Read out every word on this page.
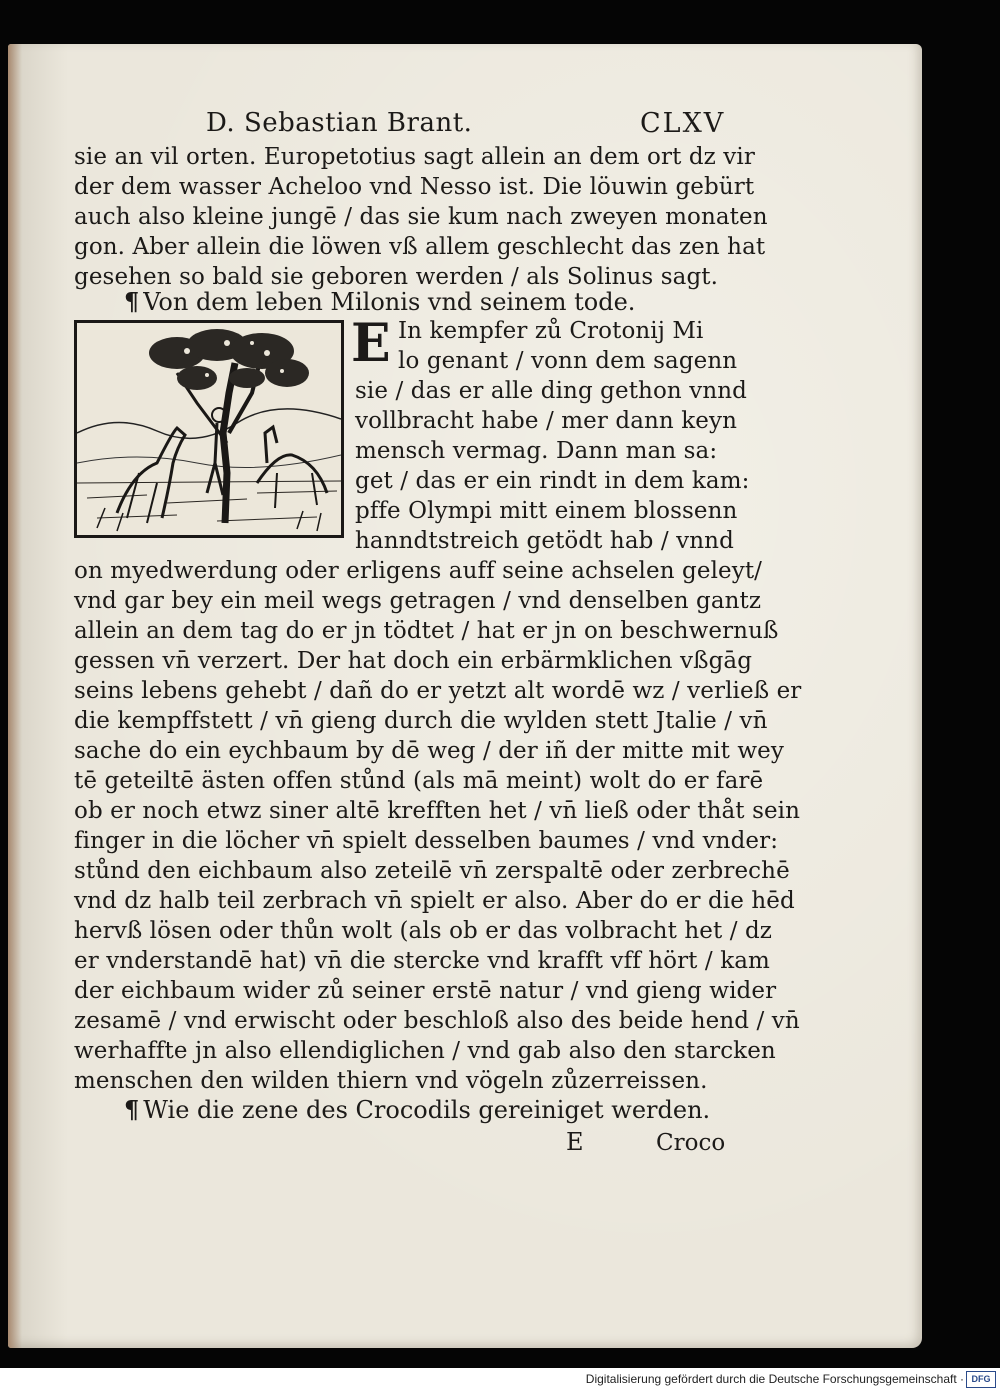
D. Sebastian Brant.	CLXV
sie an vil orten. Europetotius sagt allein an dem ort dz vir
der dem wasser Acheloo vnd Nesso ist. Die löuwin gebürt
auch also kleine jungē / das sie kum nach zweyen monaten
gon. Aber allein die löwen vß allem geschlecht das zen hat
gesehen so bald sie geboren werden / als Solinus sagt.
¶ Von dem leben Milonis vnd seinem tode.
E In kempfer zů Crotonij Mi
lo genant / vonn dem sagenn
sie / das er alle ding gethon vnnd
vollbracht habe / mer dann keyn
mensch vermag. Dann man sa:
get / das er ein rindt in dem kam:
pffe Olympi mitt einem blossenn
hanndtstreich getödt hab / vnnd
on myedwerdung oder erligens auff seine achselen geleyt/
vnd gar bey ein meil wegs getragen / vnd denselben gantz
allein an dem tag do er jn tödtet / hat er jn on beschwernuß
gessen vn̄ verzert. Der hat doch ein erbärmklichen vßgāg
seins lebens gehebt / dañ do er yetzt alt wordē wz / verließ er
die kempffstett / vn̄ gieng durch die wylden stett Jtalie / vn̄
sache do ein eychbaum by dē weg / der iñ der mitte mit wey
tē geteiltē ästen offen stůnd (als mā meint) wolt do er farē
ob er noch etwz siner altē krefften het / vn̄ ließ oder thåt sein
finger in die löcher vn̄ spielt desselben baumes / vnd vnder:
stůnd den eichbaum also zeteilē vn̄ zerspaltē oder zerbrechē
vnd dz halb teil zerbrach vn̄ spielt er also. Aber do er die hēd
hervß lösen oder thůn wolt (als ob er das volbracht het / dz
er vnderstandē hat) vn̄ die stercke vnd krafft vff hört / kam
der eichbaum wider zů seiner erstē natur / vnd gieng wider
zesamē / vnd erwischt oder beschloß also des beide hend / vn̄
werhaffte jn also ellendiglichen / vnd gab also den starcken
menschen den wilden thiern vnd vögeln zůzerreissen.
¶ Wie die zene des Crocodils gereiniget werden.
E	Croco
Digitalisierung gefördert durch die Deutsche Forschungsgemeinschaft · DFG
